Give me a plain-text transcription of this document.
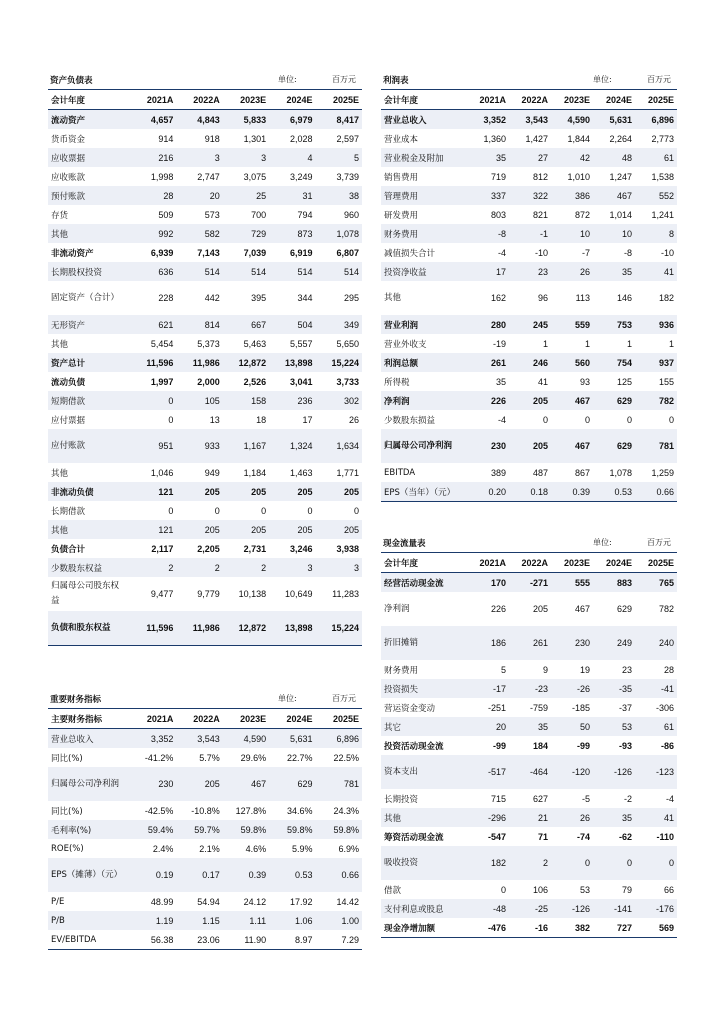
资产负债表	单位:	百万元
会计年度	2021A	2022A	2023E	2024E	2025E
流动资产	4,657	4,843	5,833	6,979	8,417
货币资金	914	918	1,301	2,028	2,597
应收票据	216	3	3	4	5
应收账款	1,998	2,747	3,075	3,249	3,739
预付账款	28	20	25	31	38
存货	509	573	700	794	960
其他	992	582	729	873	1,078
非流动资产	6,939	7,143	7,039	6,919	6,807
长期股权投资	636	514	514	514	514
固定资产（合计）	228	442	395	344	295
无形资产	621	814	667	504	349
其他	5,454	5,373	5,463	5,557	5,650
资产总计	11,596	11,986	12,872	13,898	15,224
流动负债	1,997	2,000	2,526	3,041	3,733
短期借款	0	105	158	236	302
应付票据	0	13	18	17	26
应付账款	951	933	1,167	1,324	1,634
其他	1,046	949	1,184	1,463	1,771
非流动负债	121	205	205	205	205
长期借款	0	0	0	0	0
其他	121	205	205	205	205
负债合计	2,117	2,205	2,731	3,246	3,938
少数股东权益	2	2	2	3	3
归属母公司股东权益	9,477	9,779	10,138	10,649	11,283
负债和股东权益	11,596	11,986	12,872	13,898	15,224
重要财务指标	单位:	百万元
主要财务指标	2021A	2022A	2023E	2024E	2025E
营业总收入	3,352	3,543	4,590	5,631	6,896
同比(%)	-41.2%	5.7%	29.6%	22.7%	22.5%
归属母公司净利润	230	205	467	629	781
同比(%)	-42.5%	-10.8%	127.8%	34.6%	24.3%
毛利率(%)	59.4%	59.7%	59.8%	59.8%	59.8%
ROE(%)	2.4%	2.1%	4.6%	5.9%	6.9%
EPS（摊薄）（元）	0.19	0.17	0.39	0.53	0.66
P/E	48.99	54.94	24.12	17.92	14.42
P/B	1.19	1.15	1.11	1.06	1.00
EV/EBITDA	56.38	23.06	11.90	8.97	7.29
利润表	单位:	百万元
会计年度	2021A	2022A	2023E	2024E	2025E
营业总收入	3,352	3,543	4,590	5,631	6,896
营业成本	1,360	1,427	1,844	2,264	2,773
营业税金及附加	35	27	42	48	61
销售费用	719	812	1,010	1,247	1,538
管理费用	337	322	386	467	552
研发费用	803	821	872	1,014	1,241
财务费用	-8	-1	10	10	8
减值损失合计	-4	-10	-7	-8	-10
投资净收益	17	23	26	35	41
其他	162	96	113	146	182
营业利润	280	245	559	753	936
营业外收支	-19	1	1	1	1
利润总额	261	246	560	754	937
所得税	35	41	93	125	155
净利润	226	205	467	629	782
少数股东损益	-4	0	0	0	0
归属母公司净利润	230	205	467	629	781
EBITDA	389	487	867	1,078	1,259
EPS（当年）（元）	0.20	0.18	0.39	0.53	0.66
现金流量表	单位:	百万元
会计年度	2021A	2022A	2023E	2024E	2025E
经营活动现金流	170	-271	555	883	765
净利润	226	205	467	629	782
折旧摊销	186	261	230	249	240
财务费用	5	9	19	23	28
投资损失	-17	-23	-26	-35	-41
营运资金变动	-251	-759	-185	-37	-306
其它	20	35	50	53	61
投资活动现金流	-99	184	-99	-93	-86
资本支出	-517	-464	-120	-126	-123
长期投资	715	627	-5	-2	-4
其他	-296	21	26	35	41
筹资活动现金流	-547	71	-74	-62	-110
吸收投资	182	2	0	0	0
借款	0	106	53	79	66
支付利息或股息	-48	-25	-126	-141	-176
现金净增加额	-476	-16	382	727	569
